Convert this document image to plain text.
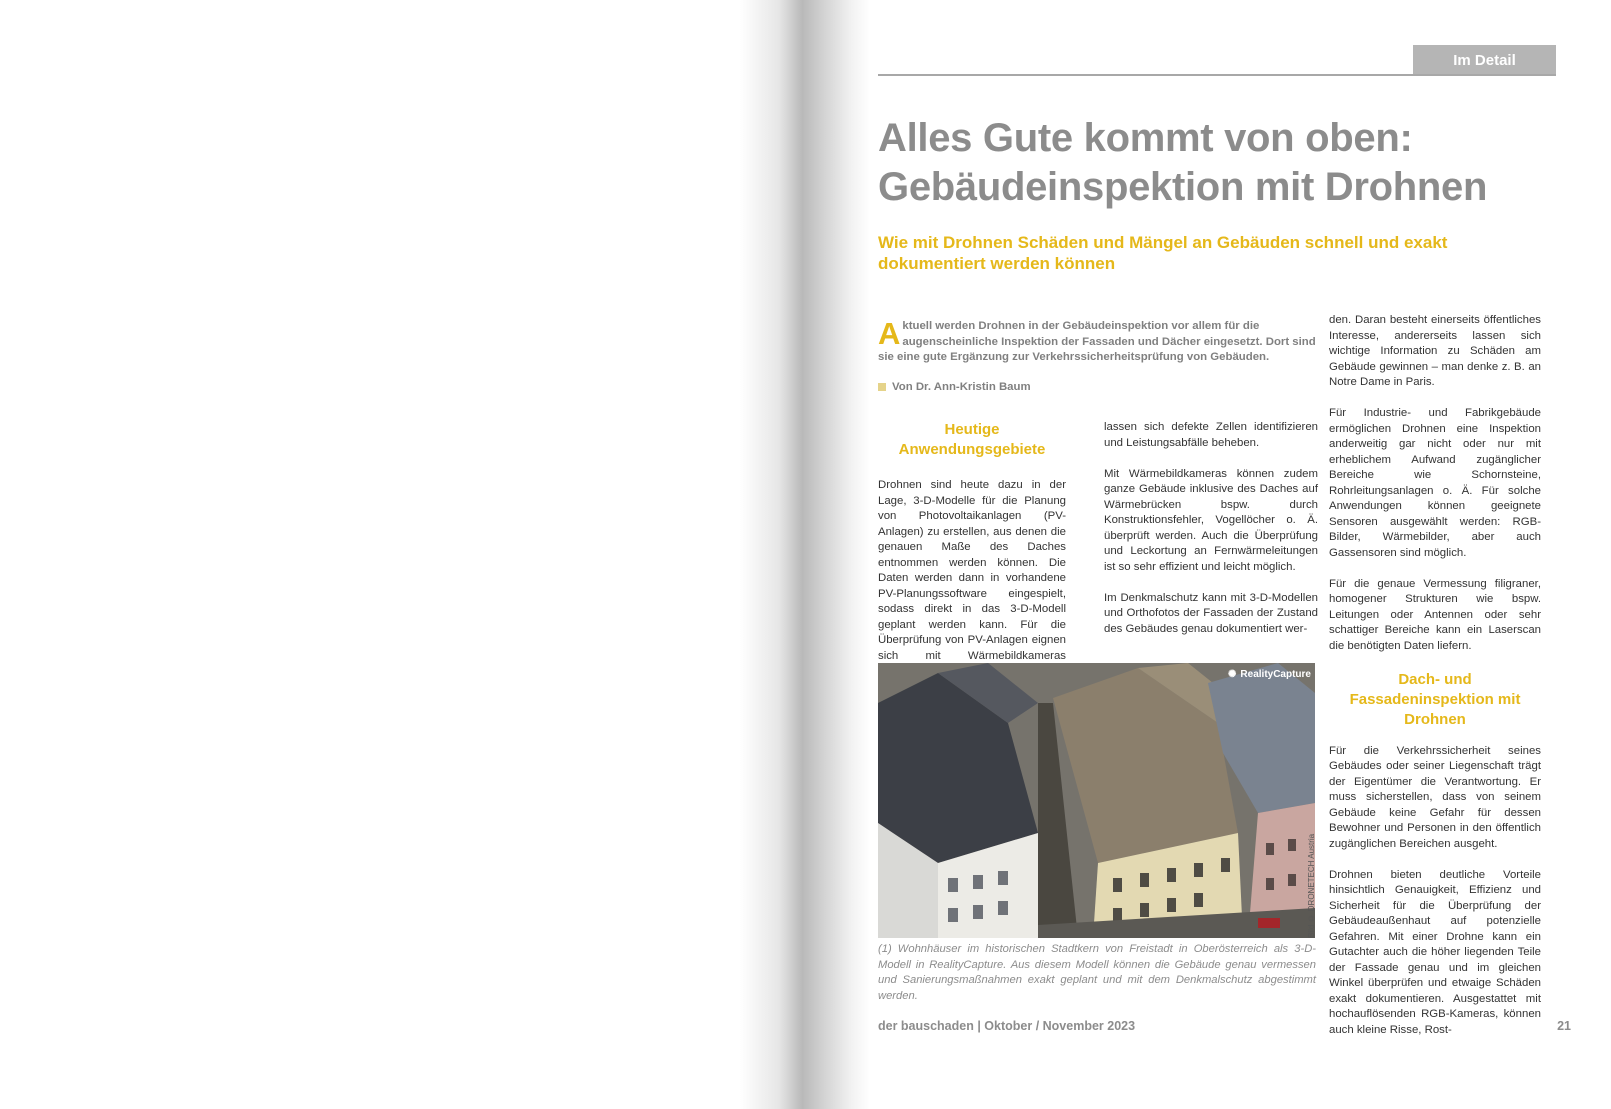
Im Detail
Alles Gute kommt von oben:
Gebäudeinspektion mit Drohnen
Wie mit Drohnen Schäden und Mängel an Gebäuden schnell und exakt dokumentiert werden können
Aktuell werden Drohnen in der Gebäudeinspektion vor allem für die augenscheinliche Inspektion der Fassaden und Dächer eingesetzt. Dort sind sie eine gute Ergänzung zur Verkehrssicherheitsprüfung von Gebäuden.
Von Dr. Ann-Kristin Baum
Heutige Anwendungsgebiete

Drohnen sind heute dazu in der Lage, 3-D-Modelle für die Planung von Photovoltaikanlagen (PV-Anlagen) zu erstellen, aus denen die genauen Maße des Daches entnommen werden können. Die Daten werden dann in vorhandene PV-Planungssoftware eingespielt, sodass direkt in das 3-D-Modell geplant werden kann. Für die Überprüfung von PV-Anlagen eignen sich mit Wärmebildkameras

lassen sich defekte Zellen identifizieren und Leistungsabfälle beheben.

Mit Wärmebildkameras können zudem ganze Gebäude inklusive des Daches auf Wärmebrücken bspw. durch Konstruktionsfehler, Vogellöcher o. Ä. überprüft werden. Auch die Überprüfung und Leckortung an Fernwärmeleitungen ist so sehr effizient und leicht möglich.

Im Denkmalschutz kann mit 3-D-Modellen und Orthofotos der Fassaden der Zustand des Gebäudes genau dokumentiert wer-

den. Daran besteht einerseits öffentliches Interesse, andererseits lassen sich wichtige Information zu Schäden am Gebäude gewinnen – man denke z. B. an Notre Dame in Paris.

Für Industrie- und Fabrikgebäude ermöglichen Drohnen eine Inspektion anderweitig gar nicht oder nur mit erheblichem Aufwand zugänglicher Bereiche wie Schornsteine, Rohrleitungsanlagen o. Ä. Für solche Anwendungen können geeignete Sensoren ausgewählt werden: RGB-Bilder, Wärmebilder, aber auch Gassensoren sind möglich.

Für die genaue Vermessung filigraner, homogener Strukturen wie bspw. Leitungen oder Antennen oder sehr schattiger Bereiche kann ein Laserscan die benötigten Daten liefern.

Dach- und Fassadeninspektion mit Drohnen

Für die Verkehrssicherheit seines Gebäudes oder seiner Liegenschaft trägt der Eigentümer die Verantwortung. Er muss sicherstellen, dass von seinem Gebäude keine Gefahr für dessen Bewohner und Personen in den öffentlich zugänglichen Bereichen ausgeht.

Drohnen bieten deutliche Vorteile hinsichtlich Genauigkeit, Effizienz und Sicherheit für die Überprüfung der Gebäudeaußenhaut auf potenzielle Gefahren. Mit einer Drohne kann ein Gutachter auch die höher liegenden Teile der Fassade genau und im gleichen Winkel überprüfen und etwaige Schäden exakt dokumentieren. Ausgestattet mit hochauflösenden RGB-Kameras, können auch kleine Risse, Rost-

✺ RealityCapture
Bild © DRONETECH Austria
(1) Wohnhäuser im historischen Stadtkern von Freistadt in Oberösterreich als 3-D-Modell in RealityCapture. Aus diesem Modell können die Gebäude genau vermessen und Sanierungsmaßnahmen exakt geplant und mit dem Denkmalschutz abgestimmt werden.
der bauschaden | Oktober / November 2023	21
